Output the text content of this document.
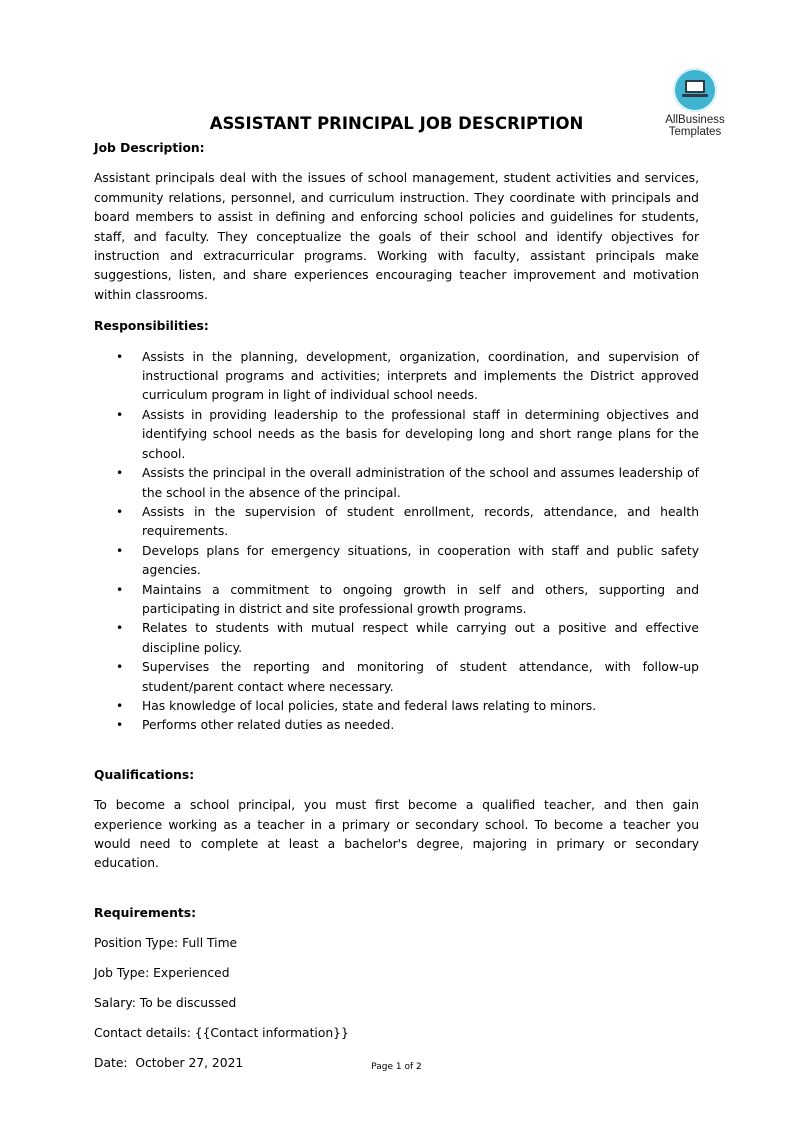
AllBusiness
Templates
ASSISTANT PRINCIPAL JOB DESCRIPTION
Job Description:

Assistant principals deal with the issues of school management, student activities and services, community relations, personnel, and curriculum instruction. They coordinate with principals and board members to assist in defining and enforcing school policies and guidelines for students, staff, and faculty. They conceptualize the goals of their school and identify objectives for instruction and extracurricular programs. Working with faculty, assistant principals make suggestions, listen, and share experiences encouraging teacher improvement and motivation within classrooms.

Responsibilities:
• Assists in the planning, development, organization, coordination, and supervision of instructional programs and activities; interprets and implements the District approved curriculum program in light of individual school needs.
• Assists in providing leadership to the professional staff in determining objectives and identifying school needs as the basis for developing long and short range plans for the school.
• Assists the principal in the overall administration of the school and assumes leadership of the school in the absence of the principal.
• Assists in the supervision of student enrollment, records, attendance, and health requirements.
• Develops plans for emergency situations, in cooperation with staff and public safety agencies.
• Maintains a commitment to ongoing growth in self and others, supporting and participating in district and site professional growth programs.
• Relates to students with mutual respect while carrying out a positive and effective discipline policy.
• Supervises the reporting and monitoring of student attendance, with follow-up student/parent contact where necessary.
• Has knowledge of local policies, state and federal laws relating to minors.
• Performs other related duties as needed.
Qualifications:

To become a school principal, you must first become a qualified teacher, and then gain experience working as a teacher in a primary or secondary school. To become a teacher you would need to complete at least a bachelor's degree, majoring in primary or secondary education.

Requirements:
Position Type: Full Time
Job Type: Experienced
Salary: To be discussed
Contact details: {{Contact information}}
Date:  October 27, 2021	Page 1 of 2
